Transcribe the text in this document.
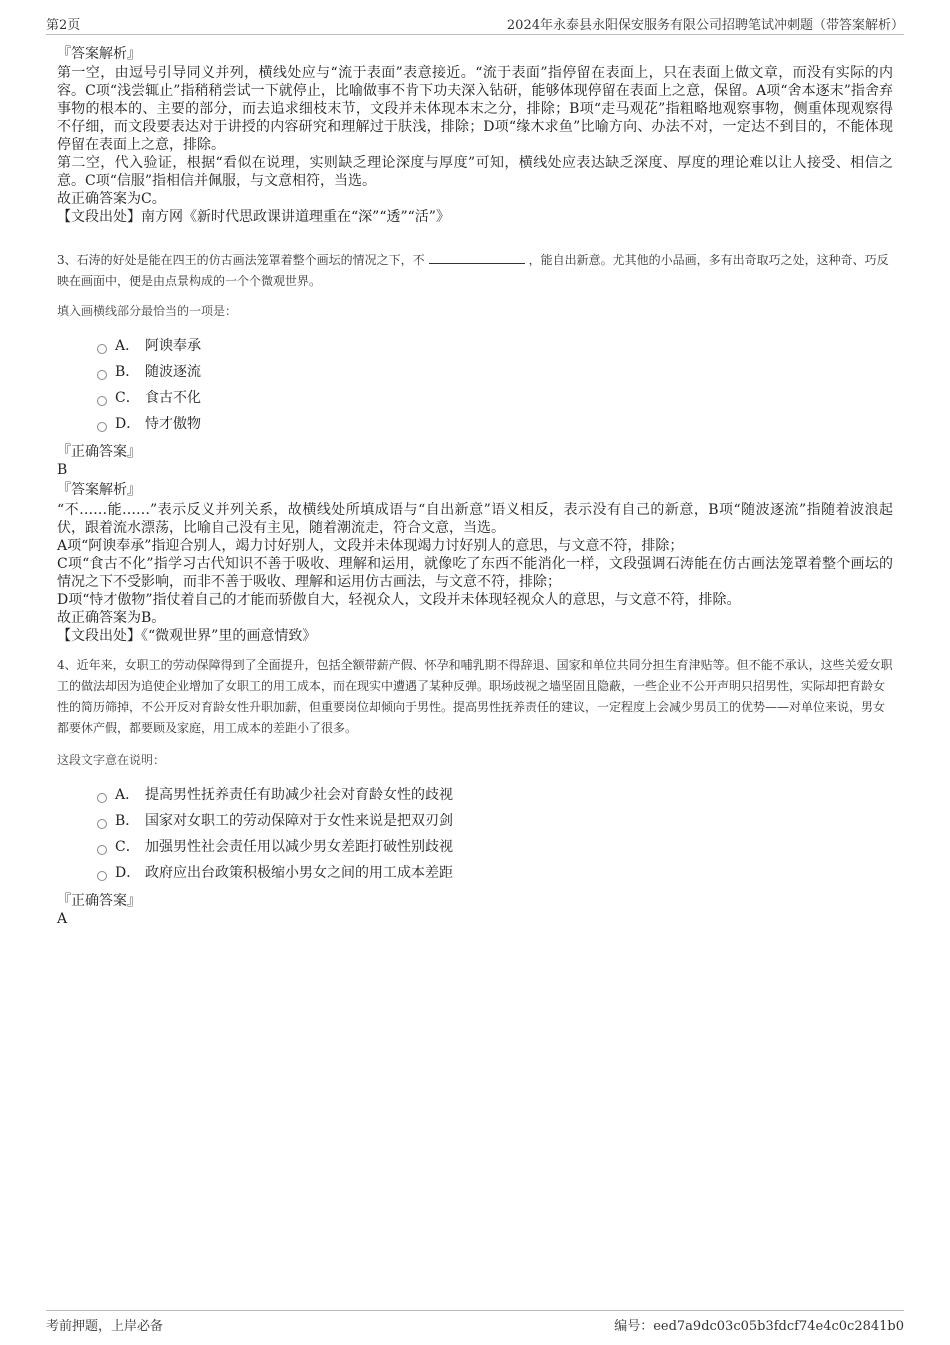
第2页	2024年永泰县永阳保安服务有限公司招聘笔试冲刺题（带答案解析）

『答案解析』

第一空，由逗号引导同义并列，横线处应与“流于表面”表意接近。“流于表面”指停留在表面上，只在表面上做文章，而没有实际的内容。C项“浅尝辄止”指稍稍尝试一下就停止，比喻做事不肯下功夫深入钻研，能够体现停留在表面上之意，保留。A项“舍本逐末”指舍弃事物的根本的、主要的部分，而去追求细枝末节，文段并未体现本末之分，排除；B项“走马观花”指粗略地观察事物，侧重体现观察得不仔细，而文段要表达对于讲授的内容研究和理解过于肤浅，排除；D项“缘木求鱼”比喻方向、办法不对，一定达不到目的，不能体现停留在表面上之意，排除。

第二空，代入验证，根据“看似在说理，实则缺乏理论深度与厚度”可知，横线处应表达缺乏深度、厚度的理论难以让人接受、相信之意。C项“信服”指相信并佩服，与文意相符，当选。

故正确答案为C。

【文段出处】南方网《新时代思政课讲道理重在“深”“透”“活”》

3、石涛的好处是能在四王的仿古画法笼罩着整个画坛的情况之下，不	，能自出新意。尤其他的小品画，多有出奇取巧之处，这种奇、巧反映在画面中，便是由点景构成的一个个微观世界。

填入画横线部分最恰当的一项是：

A． 阿谀奉承
B． 随波逐流
C． 食古不化
D． 恃才傲物

『正确答案』

B

『答案解析』

“不……能……”表示反义并列关系，故横线处所填成语与“自出新意”语义相反，表示没有自己的新意，B项“随波逐流”指随着波浪起伏，跟着流水漂荡，比喻自己没有主见，随着潮流走，符合文意，当选。

A项“阿谀奉承”指迎合别人，竭力讨好别人，文段并未体现竭力讨好别人的意思，与文意不符，排除；

C项“食古不化”指学习古代知识不善于吸收、理解和运用，就像吃了东西不能消化一样，文段强调石涛能在仿古画法笼罩着整个画坛的情况之下不受影响，而非不善于吸收、理解和运用仿古画法，与文意不符，排除；

D项“恃才傲物”指仗着自己的才能而骄傲自大，轻视众人，文段并未体现轻视众人的意思，与文意不符，排除。

故正确答案为B。

【文段出处】《“微观世界”里的画意情致》

4、近年来，女职工的劳动保障得到了全面提升，包括全额带薪产假、怀孕和哺乳期不得辞退、国家和单位共同分担生育津贴等。但不能不承认，这些关爱女职工的做法却因为追使企业增加了女职工的用工成本，而在现实中遭遇了某种反弹。职场歧视之墙坚固且隐蔽，一些企业不公开声明只招男性，实际却把育龄女性的简历筛掉，不公开反对育龄女性升职加薪，但重要岗位却倾向于男性。提高男性抚养责任的建议，一定程度上会减少男员工的优势——对单位来说，男女都要休产假，都要顾及家庭，用工成本的差距小了很多。

这段文字意在说明：

A． 提高男性抚养责任有助减少社会对育龄女性的歧视
B． 国家对女职工的劳动保障对于女性来说是把双刃剑
C． 加强男性社会责任用以减少男女差距打破性别歧视
D． 政府应出台政策积极缩小男女之间的用工成本差距

『正确答案』

A

考前押题，上岸必备	编号：eed7a9dc03c05b3fdcf74e4c0c2841b0
